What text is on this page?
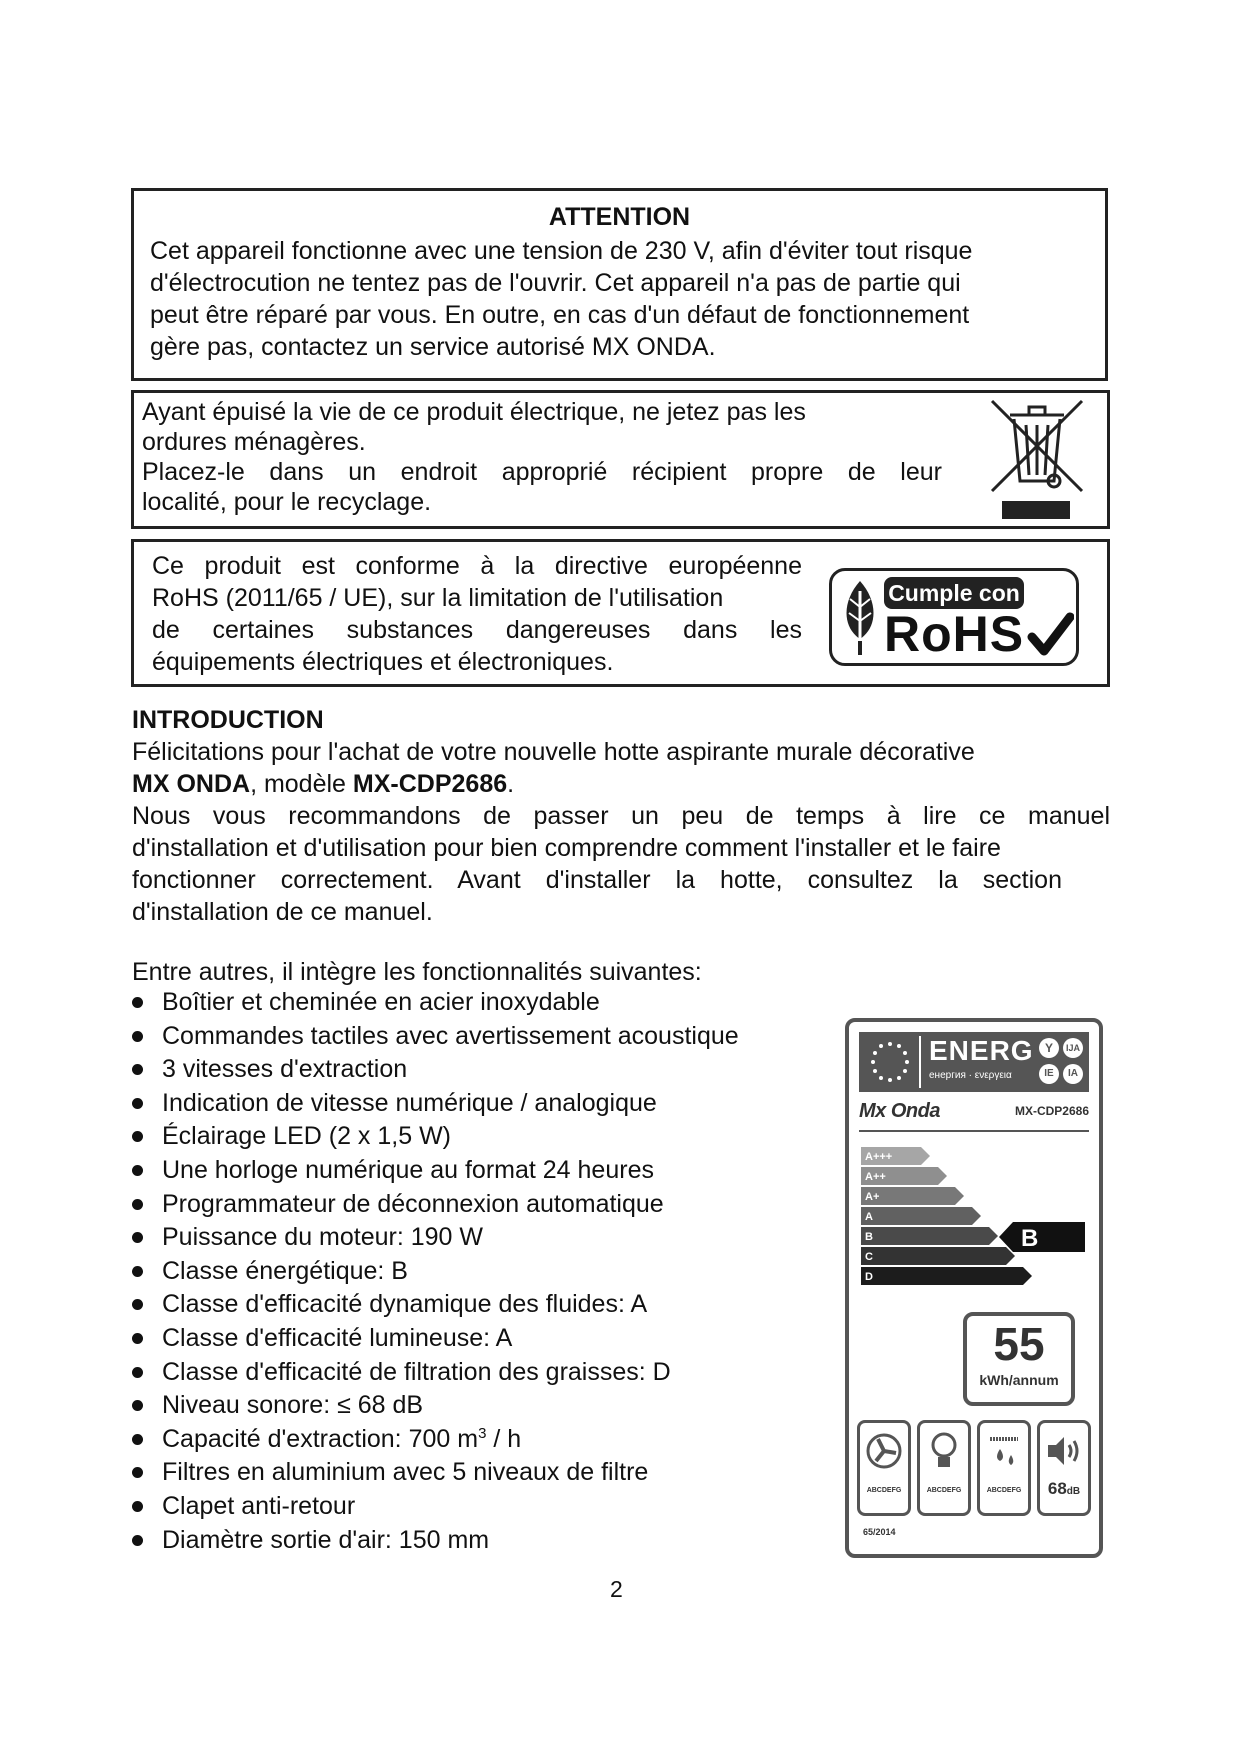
ATTENTION

Cet appareil fonctionne avec une tension de 230 V, afin d'éviter tout risque

d'électrocution ne tentez pas de l'ouvrir. Cet appareil n'a pas de partie qui

peut être réparé par vous. En outre, en cas d'un défaut de fonctionnement

gère pas, contactez un service autorisé MX ONDA.

Ayant épuisé la vie de ce produit électrique, ne jetez pas les

ordures ménagères.

Placez-le dans un endroit approprié récipient propre de leur

localité, pour le recyclage.

Ce produit est conforme à la directive européenne

RoHS (2011/65 / UE), sur la limitation de l'utilisation

de certaines substances dangereuses dans les

équipements électriques et électroniques.

Cumple con
RoHS

INTRODUCTION

Félicitations pour l'achat de votre nouvelle hotte aspirante murale décorative

MX ONDA, modèle MX-CDP2686.

Nous vous recommandons de passer un peu de temps à lire ce manuel

d'installation et d'utilisation pour bien comprendre comment l'installer et le faire

fonctionner correctement. Avant d'installer la hotte, consultez la section

d'installation de ce manuel.

Entre autres, il intègre les fonctionnalités suivantes:

Boîtier et cheminée en acier inoxydable
Commandes tactiles avec avertissement acoustique
3 vitesses d'extraction
Indication de vitesse numérique / analogique
Éclairage LED (2 x 1,5 W)
Une horloge numérique au format 24 heures
Programmateur de déconnexion automatique
Puissance du moteur: 190 W
Classe énergétique: B
Classe d'efficacité dynamique des fluides: A
Classe d'efficacité lumineuse: A
Classe d'efficacité de filtration des graisses: D
Niveau sonore: ≤ 68 dB
Capacité d'extraction: 700 $m^3$ / h
Filtres en aluminium avec 5 niveaux de filtre
Clapet anti-retour
Diamètre sortie d'air: 150 mm
ENERG
енергия · ενεργεια
Y	IJA
IE	IA
Mx Onda	MX-CDP2686
A+++
A++
A+
A
B	B
C
D
55
kWh/annum
ABCDEFG	ABCDEFG	ABCDEFG	68dB
65/2014
2
